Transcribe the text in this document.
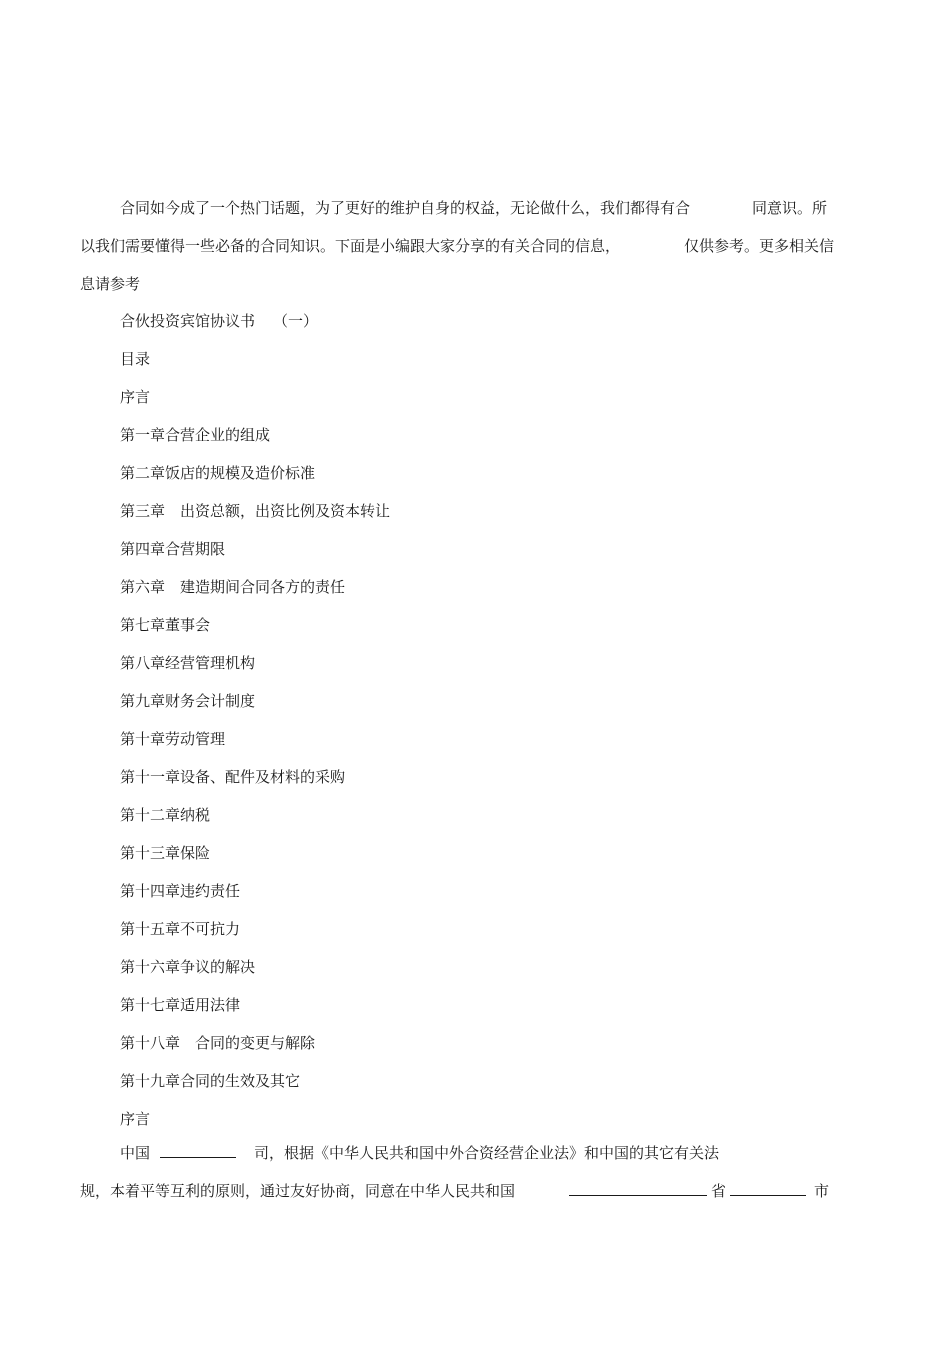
合同如今成了一个热门话题，为了更好的维护自身的权益，无论做什么，我们都得有合	同意识。所
以我们需要懂得一些必备的合同知识。下面是小编跟大家分享的有关合同的信息，	仅供参考。更多相关信
息请参考
合伙投资宾馆协议书 （一）
目录
序言
第一章合营企业的组成
第二章饭店的规模及造价标准
第三章　出资总额，出资比例及资本转让
第四章合营期限
第六章　建造期间合同各方的责任
第七章董事会
第八章经营管理机构
第九章财务会计制度
第十章劳动管理
第十一章设备、配件及材料的采购
第十二章纳税
第十三章保险
第十四章违约责任
第十五章不可抗力
第十六章争议的解决
第十七章适用法律
第十八章　合同的变更与解除
第十九章合同的生效及其它
序言
中国	司，根据《中华人民共和国中外合资经营企业法》和中国的其它有关法
规，本着平等互利的原则，通过友好协商，同意在中华人民共和国	省	市
